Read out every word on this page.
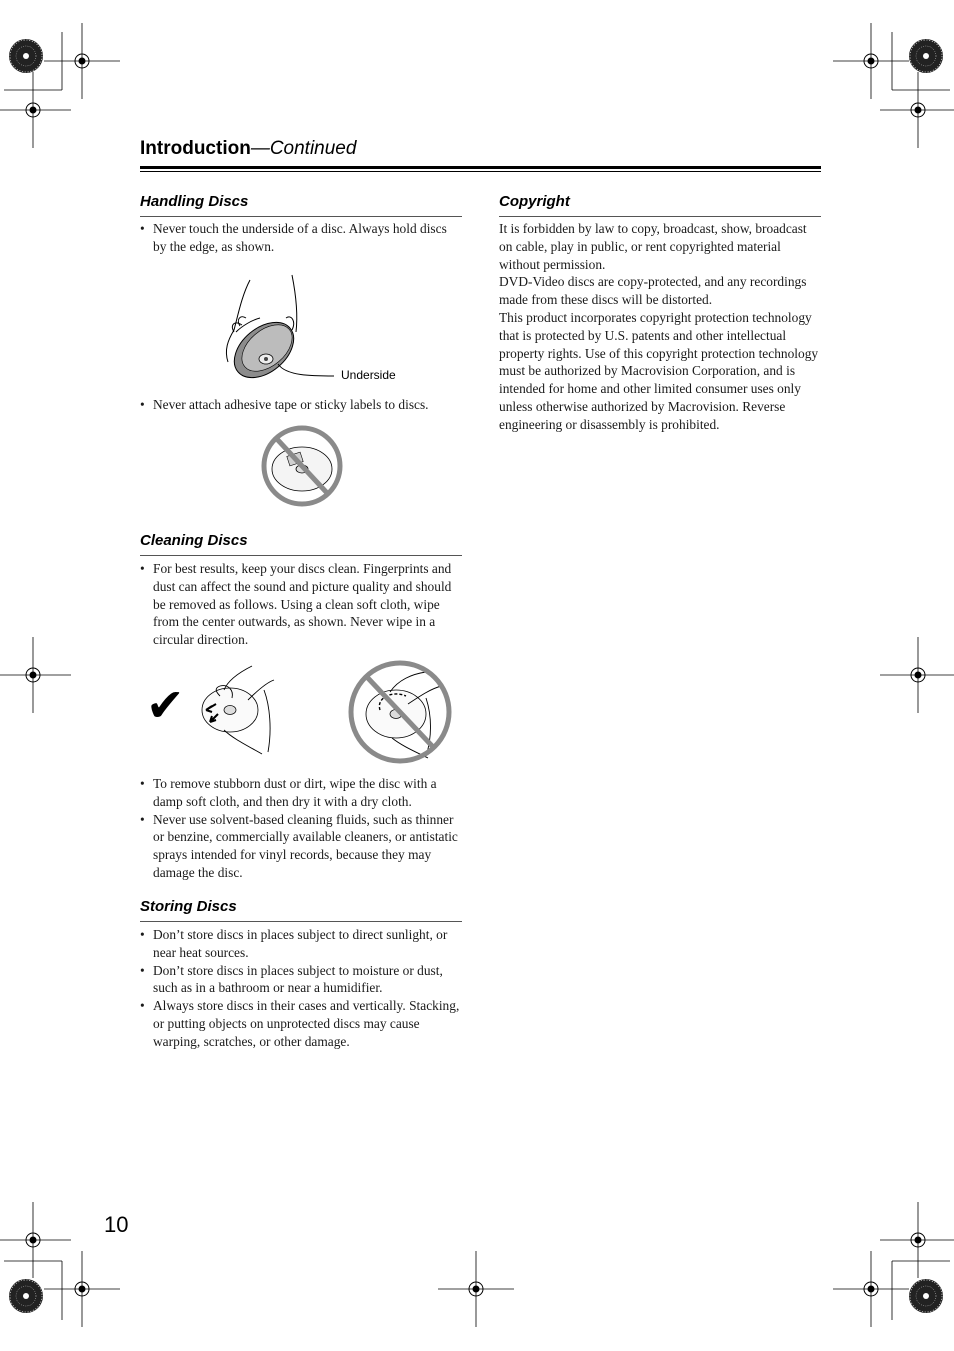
Introduction—Continued
Handling Discs
• Never touch the underside of a disc. Always hold discs by the edge, as shown.
Underside
• Never attach adhesive tape or sticky labels to discs.
Cleaning Discs
• For best results, keep your discs clean. Fingerprints and dust can affect the sound and picture quality and should be removed as follows. Using a clean soft cloth, wipe from the center outwards, as shown. Never wipe in a circular direction.
✔
• To remove stubborn dust or dirt, wipe the disc with a damp soft cloth, and then dry it with a dry cloth.
• Never use solvent-based cleaning fluids, such as thinner or benzine, commercially available cleaners, or antistatic sprays intended for vinyl records, because they may damage the disc.
Storing Discs
• Don’t store discs in places subject to direct sunlight, or near heat sources.
• Don’t store discs in places subject to moisture or dust, such as in a bathroom or near a humidifier.
• Always store discs in their cases and vertically. Stacking, or putting objects on unprotected discs may cause warping, scratches, or other damage.
Copyright

It is forbidden by law to copy, broadcast, show, broadcast on cable, play in public, or rent copyrighted material without permission.

DVD-Video discs are copy-protected, and any recordings made from these discs will be distorted.

This product incorporates copyright protection technology that is protected by U.S. patents and other intellectual property rights. Use of this copyright protection technology must be authorized by Macrovision Corporation, and is intended for home and other limited consumer uses only unless otherwise authorized by Macrovision. Reverse engineering or disassembly is prohibited.

10
